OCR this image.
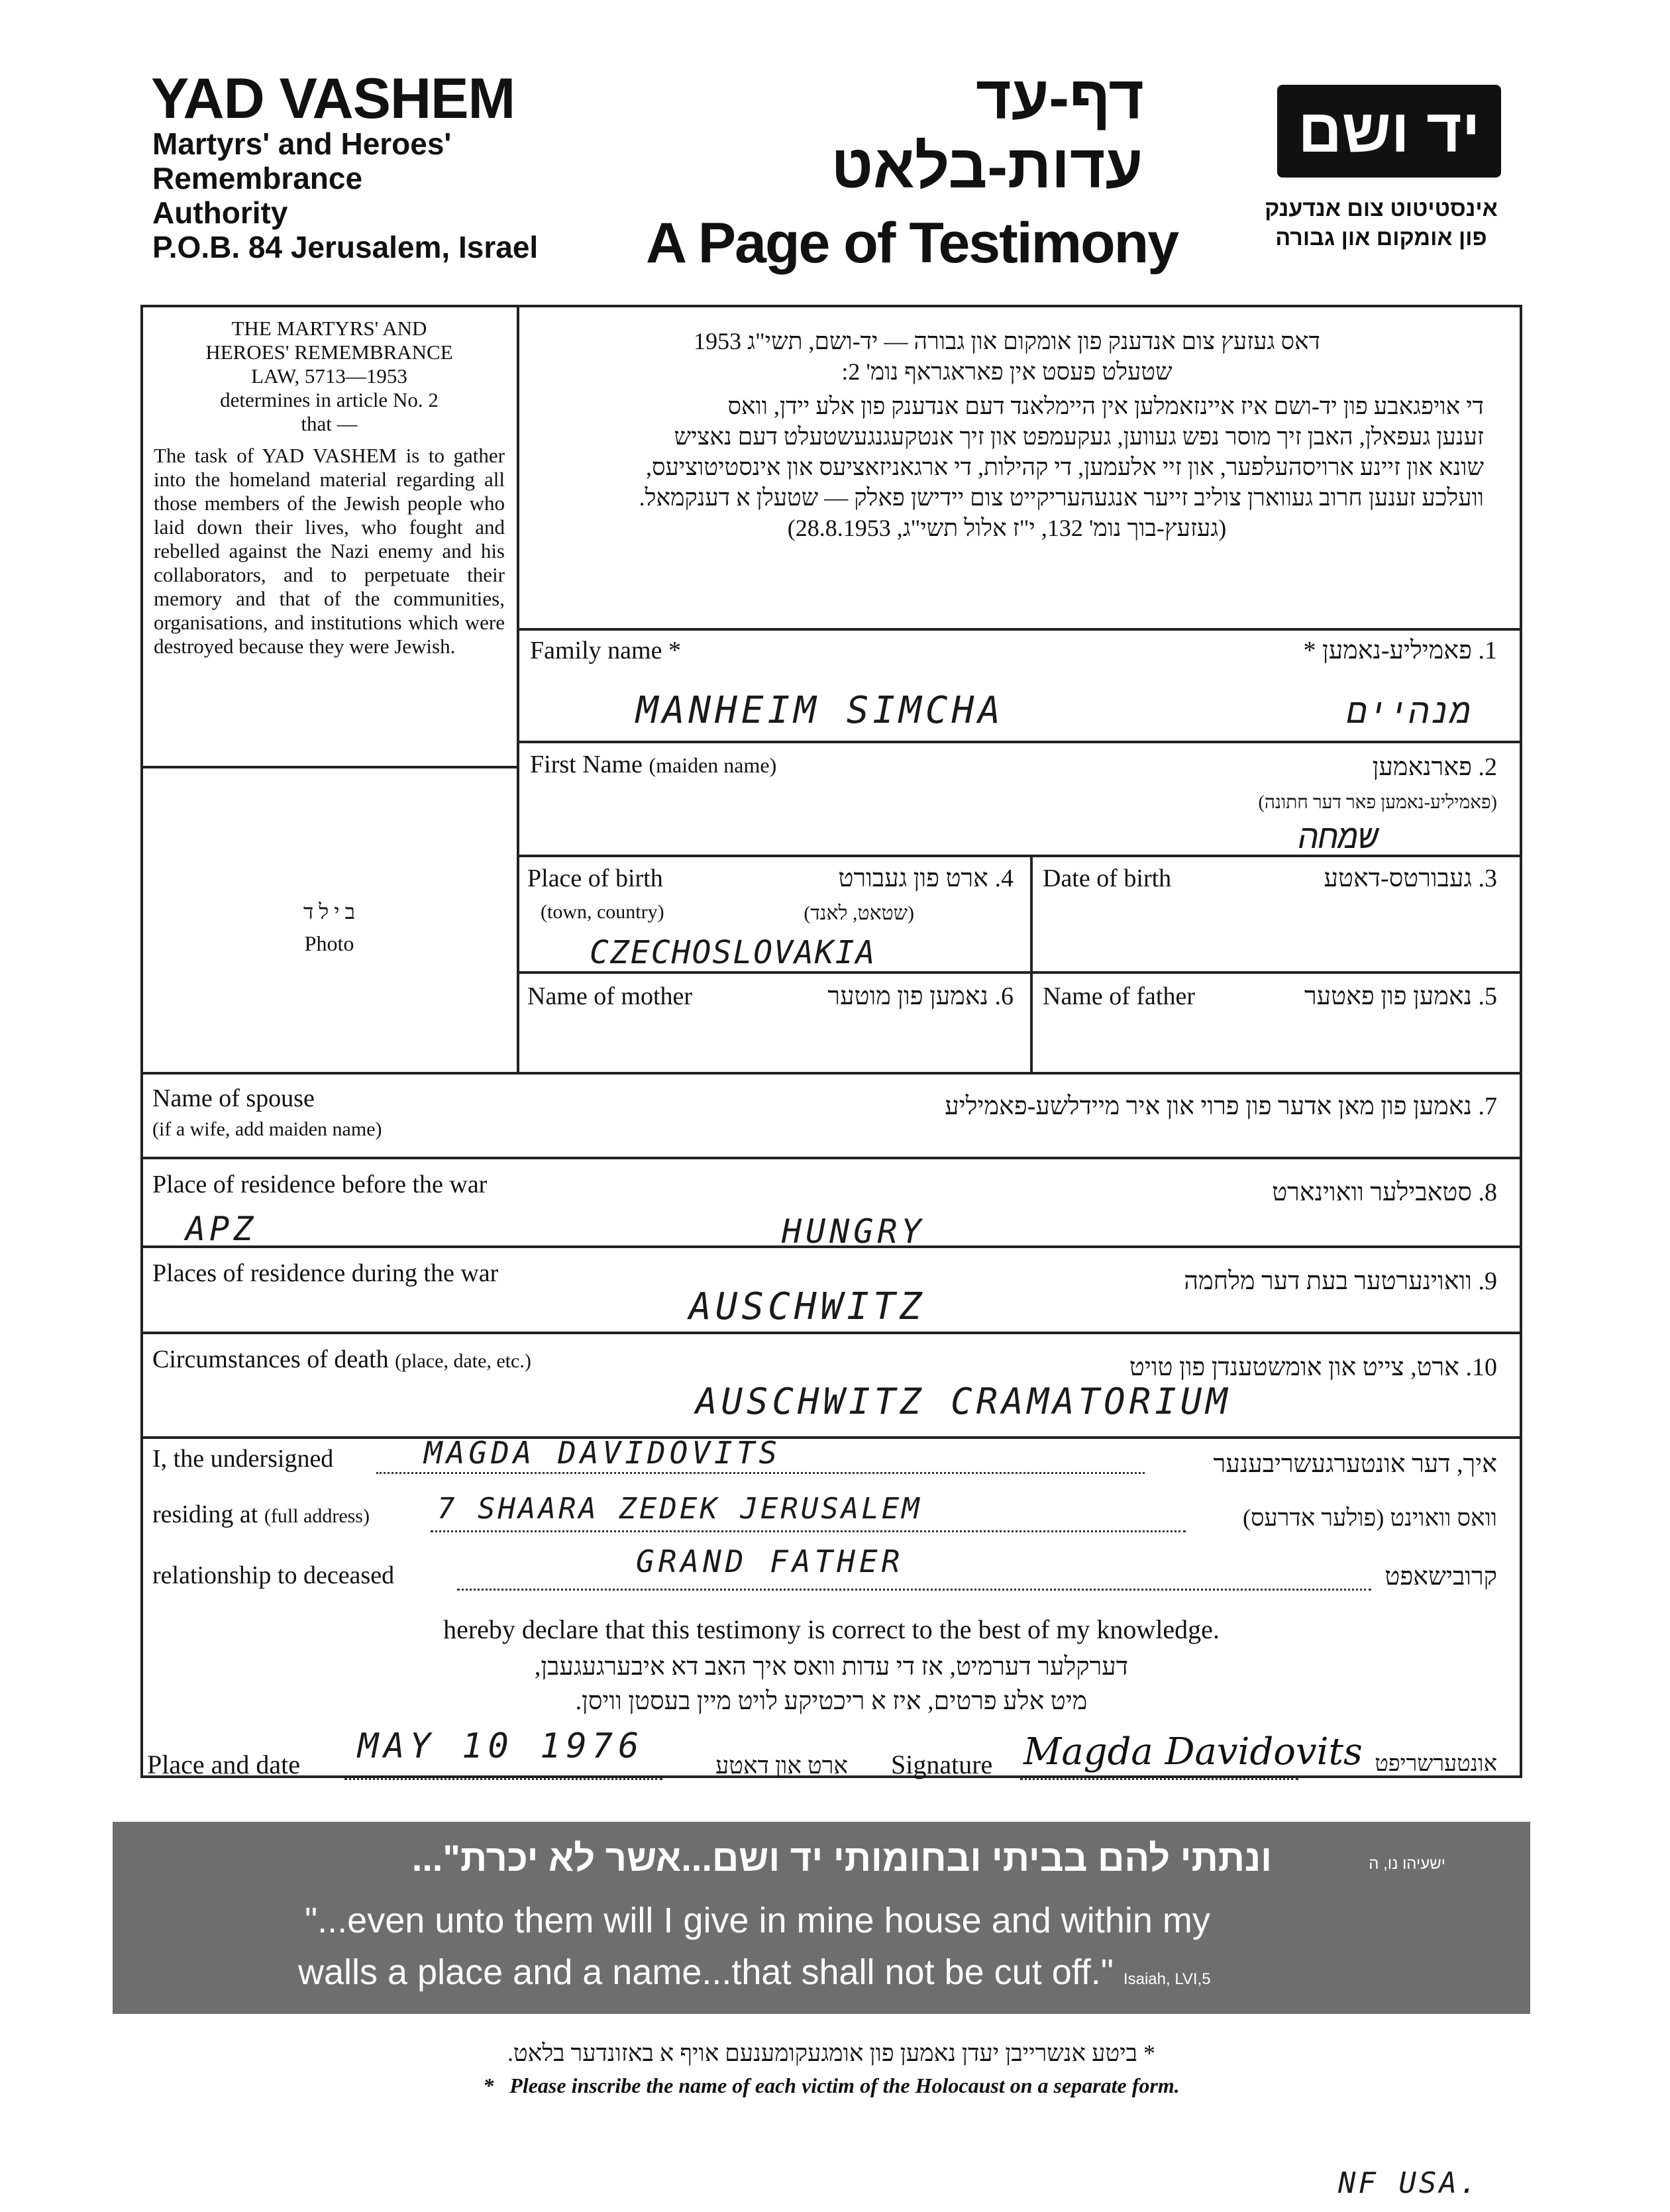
YAD VASHEM
Martyrs' and Heroes'
Remembrance
Authority
P.O.B. 84 Jerusalem, Israel
דף-עד
עדות-בלאט
A Page of Testimony
יד ושם
אינסטיטוט צום אנדענק
פון אומקום און גבורה
THE MARTYRS' AND
HEROES' REMEMBRANCE
LAW, 5713—1953
determines in article No. 2
that —
The task of YAD VASHEM is to gather into the homeland material regarding all those members of the Jewish people who laid down their lives, who fought and rebelled against the Nazi enemy and his collaborators, and to perpetuate their memory and that of the communities, organisations, and institutions which were destroyed because they were Jewish.
ב י ל ד
Photo
דאס געזעץ צום אנדענק פון אומקום און גבורה — יד-ושם, תשי"ג 1953
שטעלט פעסט אין פאראגראף נומ' 2:
די אויפגאבע פון יד-ושם איז איינזאמלען אין היימלאנד דעם אנדענק פון אלע יידן, וואס
זענען געפאלן, האבן זיך מוסר נפש געווען, געקעמפט און זיך אנטקעגנגעשטעלט דעם נאציש
שונא און זיינע ארויסהעלפער, און זיי אלעמען, די קהילות, די ארגאניזאציעס און אינסטיטוציעס,
וועלכע זענען חרוב געווארן צוליב זייער אנגעהעריקייט צום יידישן פאלק — שטעלן א דענקמאל.
(געזעץ-בוך נומ' 132, י"ז אלול תשי"ג, 28.8.1953)
Family name *	1. פאמיליע-נאמען *
MANHEIM SIMCHA	מנהיים
First Name (maiden name)	2. פארנאמען
(פאמיליע-נאמען פאר דער חתונה)
שמחה
Place of birth
(town, country)
4. ארט פון געבורט
(שטאט, לאנד)
CZECHOSLOVAKIA
Date of birth	3. געבורטס-דאטע
Name of mother	6. נאמען פון מוטער Name of father	5. נאמען פון פאטער
Name of spouse
(if a wife, add maiden name)
7. נאמען פון מאן אדער פון פרוי און איר מיידלשע-פאמיליע
Place of residence before the war	8. סטאבילער וואוינארט
APZ	HUNGRY
Places of residence during the war	9. וואוינערטער בעת דער מלחמה
AUSCHWITZ
Circumstances of death (place, date, etc.)	10. ארט, צייט און אומשטענדן פון טויט
AUSCHWITZ CRAMATORIUM
I, the undersigned	MAGDA DAVIDOVITS	איך, דער אונטערגעשריבענער
residing at (full address) 7 SHAARA ZEDEK JERUSALEM	וואס וואוינט (פולער אדרעס)
relationship to deceased	GRAND FATHER	קרובישאפט
hereby declare that this testimony is correct to the best of my knowledge.
דערקלער דערמיט, אז די עדות וואס איך האב דא איבערגעגעבן,
מיט אלע פרטים, איז א ריכטיקע לויט מיין בעסטן וויסן.
Place and date MAY 10 1976	ארט און דאטע Signature Magda Davidovits אונטערשריפט
ונתתי להם בביתי ובחומותי יד ושם...אשר לא יכרת"...	ישעיהו נו, ה
"...even unto them will I give in mine house and within my
walls a place and a name...that shall not be cut off." Isaiah, LVI,5
* ביטע אנשרייבן יעדן נאמען פון אומגעקומענעם אויף א באזונדער בלאט.
*   Please inscribe the name of each victim of the Holocaust on a separate form.
NF USA.
